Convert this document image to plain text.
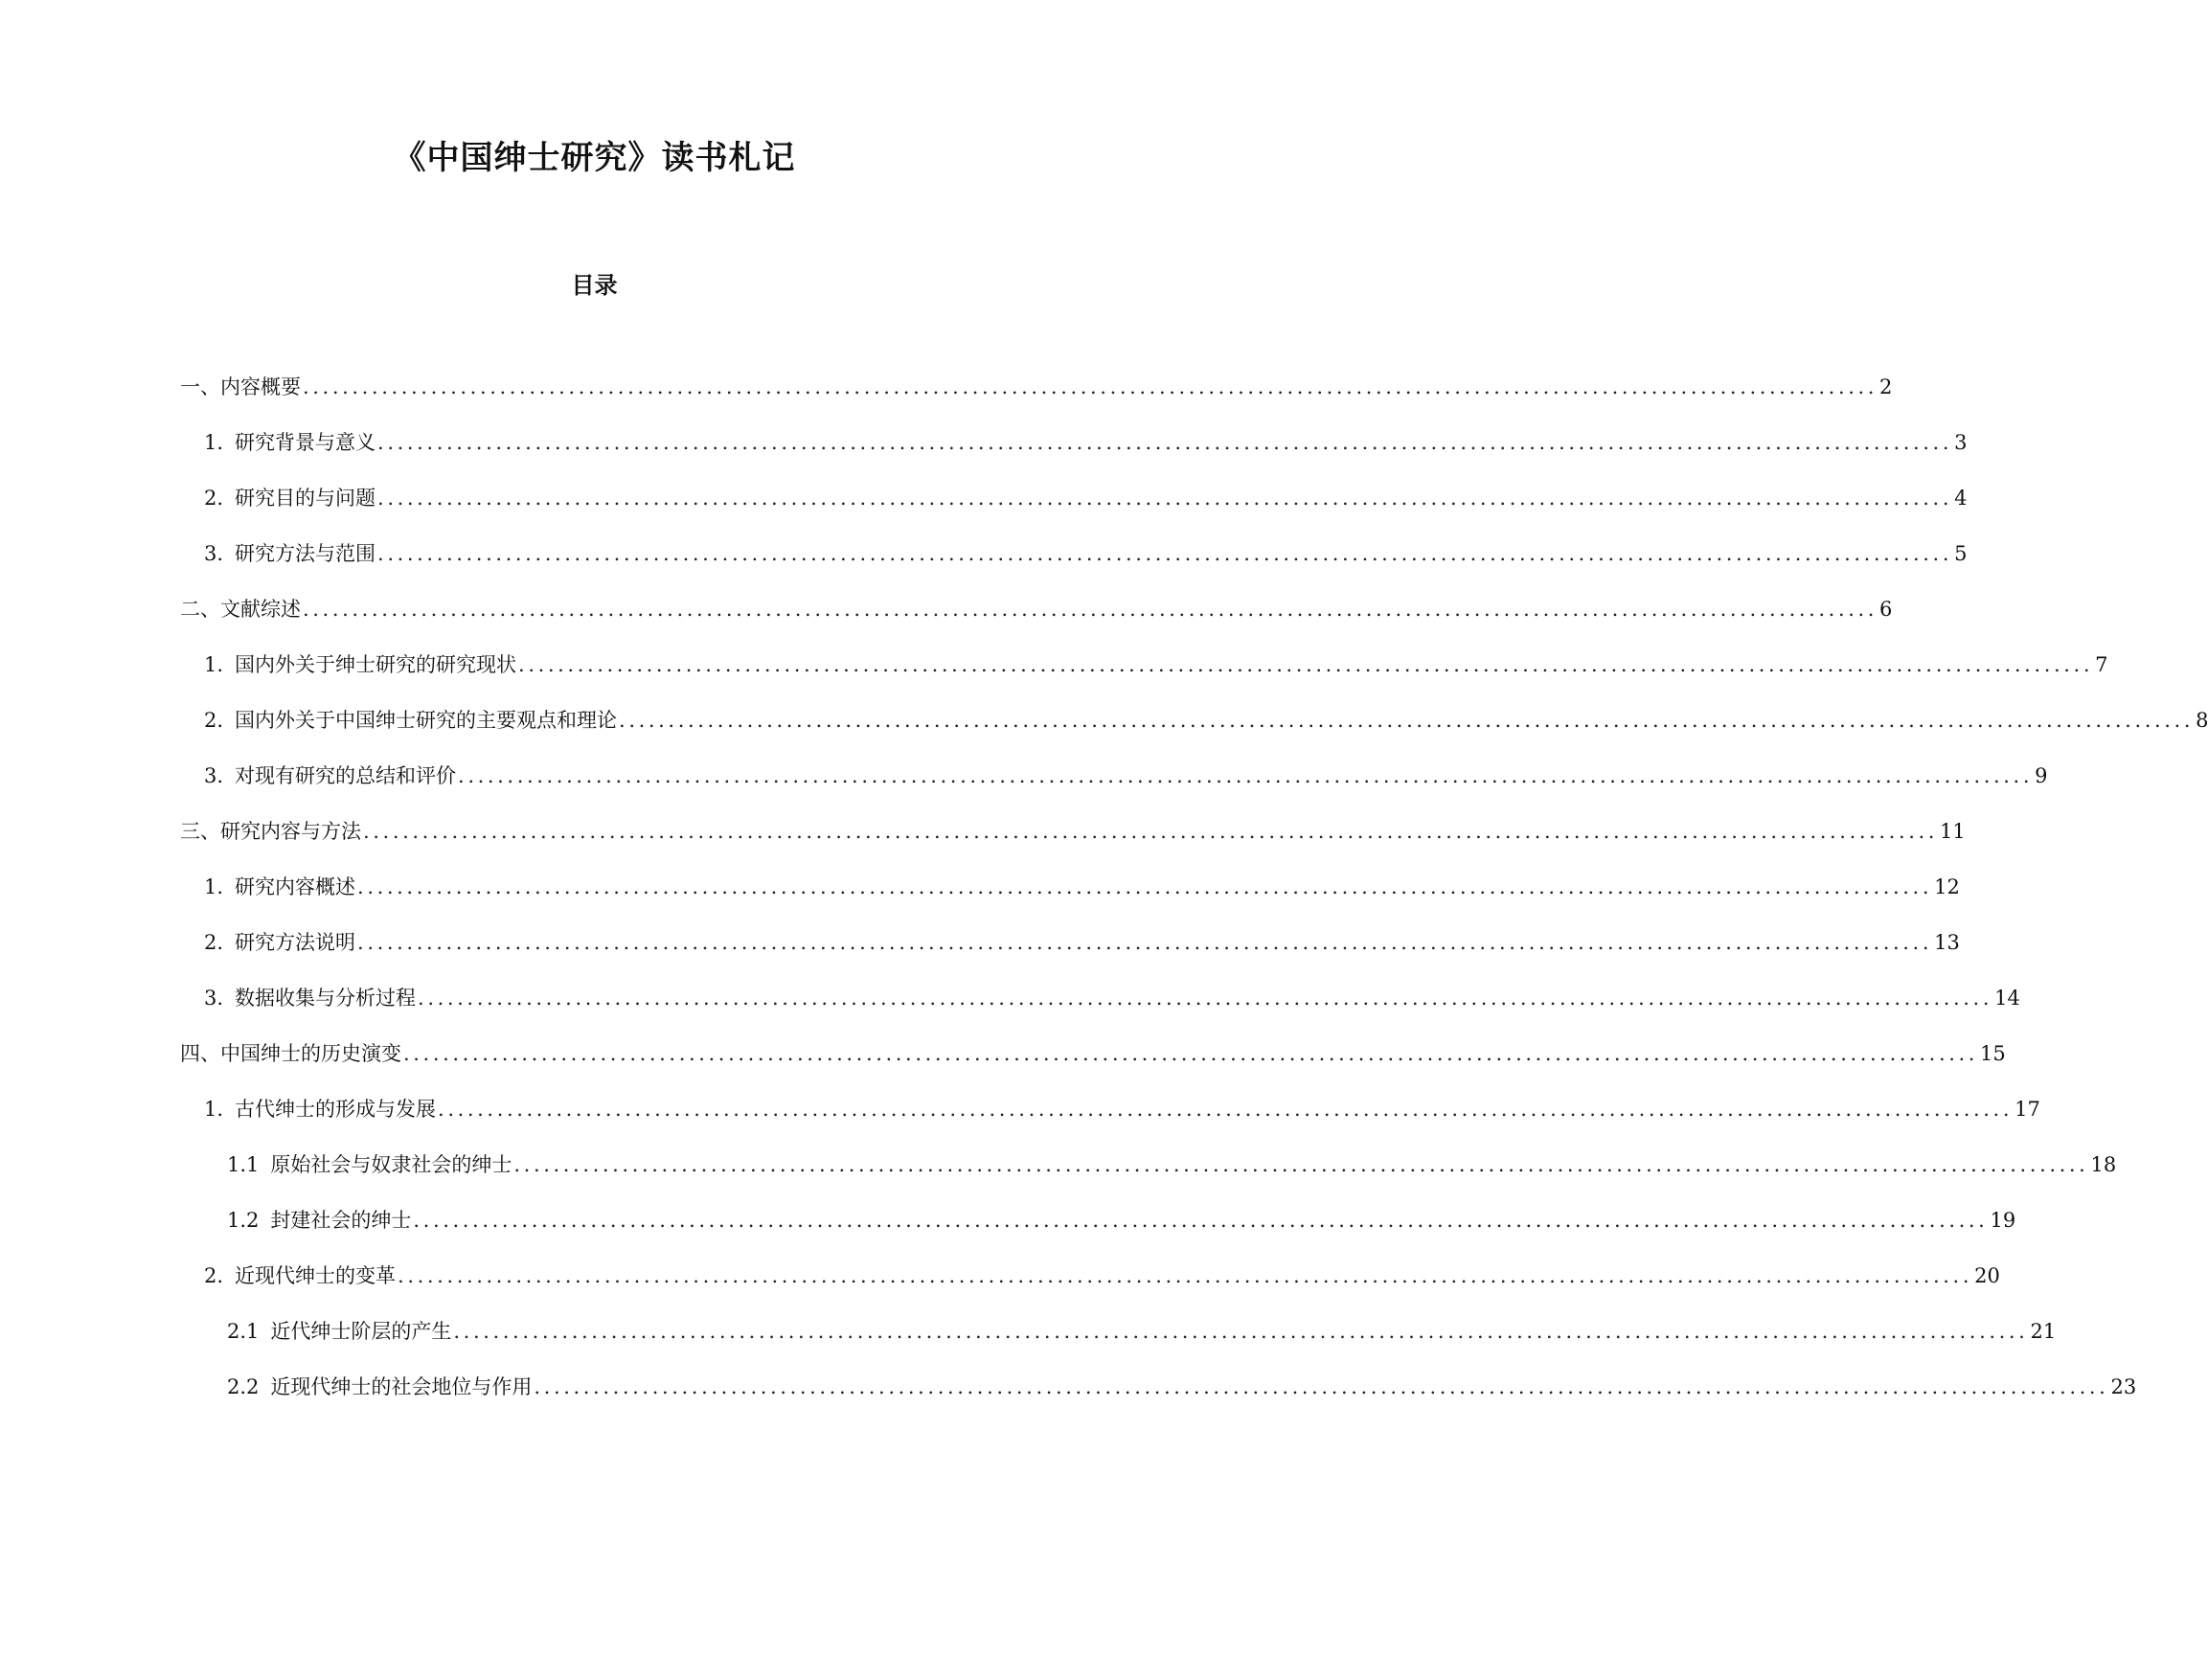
《中国绅士研究》读书札记
目录
一、内容概要 ................................................................................................................................................................ 2
1. 研究背景与意义 ................................................................................................................................................................ 3
2. 研究目的与问题 ................................................................................................................................................................ 4
3. 研究方法与范围 ................................................................................................................................................................ 5
二、文献综述 ................................................................................................................................................................ 6
1. 国内外关于绅士研究的研究现状 ................................................................................................................................................................ 7
2. 国内外关于中国绅士研究的主要观点和理论 ................................................................................................................................................................ 8
3. 对现有研究的总结和评价 ................................................................................................................................................................ 9
三、研究内容与方法 ................................................................................................................................................................ 11
1. 研究内容概述 ................................................................................................................................................................ 12
2. 研究方法说明 ................................................................................................................................................................ 13
3. 数据收集与分析过程 ................................................................................................................................................................ 14
四、中国绅士的历史演变 ................................................................................................................................................................ 15
1. 古代绅士的形成与发展 ................................................................................................................................................................ 17
1.1 原始社会与奴隶社会的绅士 ................................................................................................................................................................ 18
1.2 封建社会的绅士 ................................................................................................................................................................ 19
2. 近现代绅士的变革 ................................................................................................................................................................ 20
2.1 近代绅士阶层的产生 ................................................................................................................................................................ 21
2.2 近现代绅士的社会地位与作用 ................................................................................................................................................................ 23
